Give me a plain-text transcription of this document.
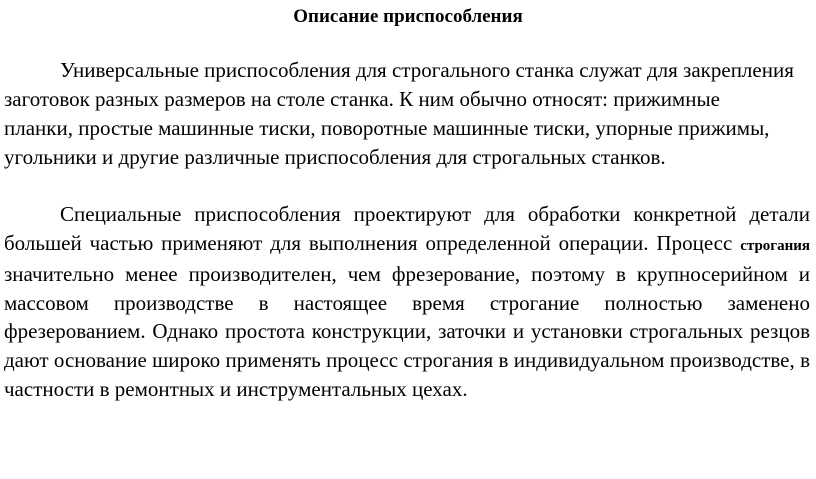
Описание приспособления

Универсальные приспособления для строгального станка служат для закрепления заготовок разных размеров на столе станка. К ним обычно относят: прижимные планки, простые машинные тиски, поворотные машинные тиски, упорные прижимы, угольники и другие различные приспособления для строгальных станков.

Специальные приспособления проектируют для обработки конкретной детали большей частью применяют для выполнения определенной операции. Процесс строгания значительно менее производителен, чем фрезерование, поэтому в крупносерийном и массовом производстве в настоящее время строгание полностью заменено фрезерованием. Однако простота конструкции, заточки и установки строгальных резцов дают основание широко применять процесс строгания в индивидуальном производстве, в частности в ремонтных и инструментальных цехах.
